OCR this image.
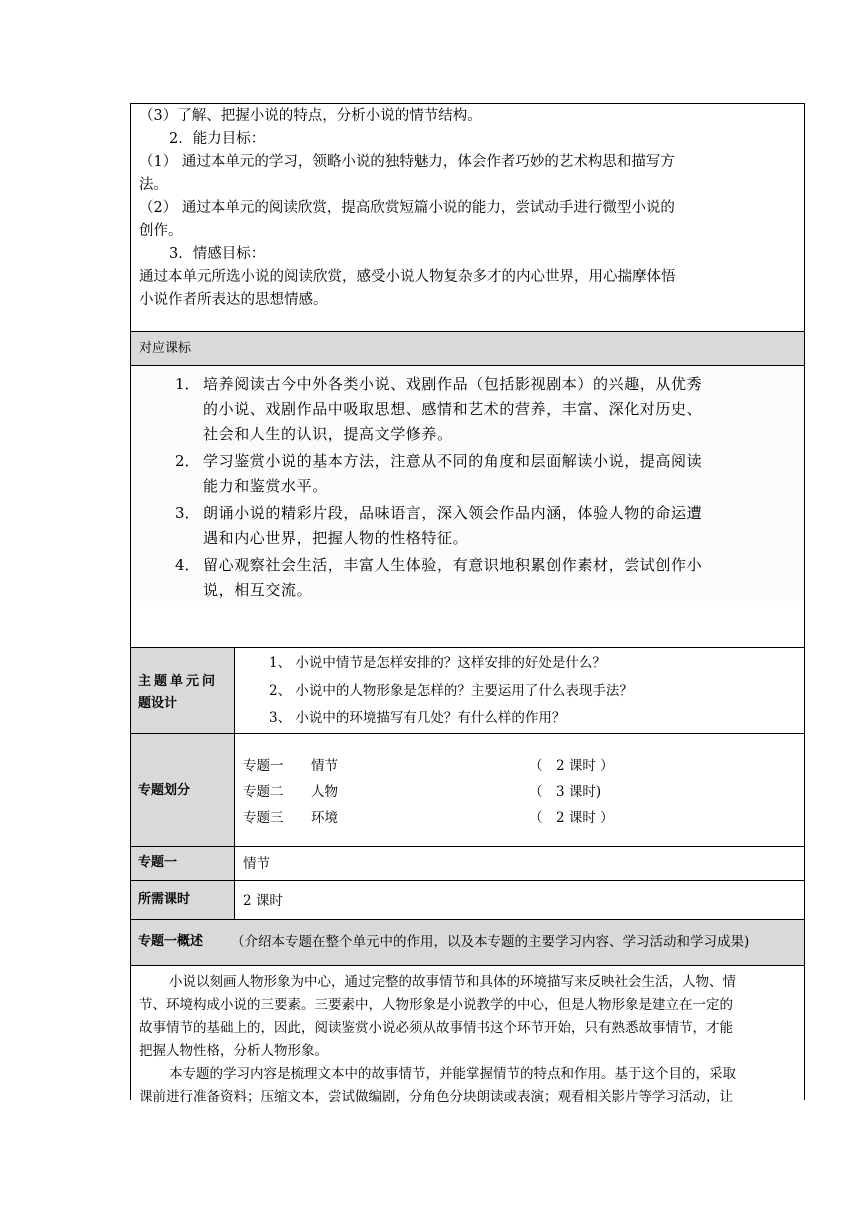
（3）了解、把握小说的特点，分析小说的情节结构。
2．能力目标：
（1） 通过本单元的学习，领略小说的独特魅力，体会作者巧妙的艺术构思和描写方
法。
（2） 通过本单元的阅读欣赏，提高欣赏短篇小说的能力，尝试动手进行微型小说的
创作。
3．情感目标：
通过本单元所选小说的阅读欣赏，感受小说人物复杂多才的内心世界，用心揣摩体悟
小说作者所表达的思想情感。
对应课标
1． 培养阅读古今中外各类小说、戏剧作品（包括影视剧本）的兴趣，从优秀
的小说、戏剧作品中吸取思想、感情和艺术的营养，丰富、深化对历史、
社会和人生的认识，提高文学修养。
2． 学习鉴赏小说的基本方法，注意从不同的角度和层面解读小说，提高阅读
能力和鉴赏水平。
3． 朗诵小说的精彩片段，品味语言，深入领会作品内涵，体验人物的命运遭
遇和内心世界，把握人物的性格特征。
4． 留心观察社会生活，丰富人生体验，有意识地积累创作素材，尝试创作小
说，相互交流。
主题单元问
题设计
1、 小说中情节是怎样安排的？这样安排的好处是什么？
2、 小说中的人物形象是怎样的？主要运用了什么表现手法？
3、 小说中的环境描写有几处？有什么样的作用？
专题划分
专题一 情节	（　2 课时 ）
专题二 人物	（　3 课时)
专题三 环境	（　2 课时 ）
专题一	情节
所需课时	2 课时
专题一概述 （介绍本专题在整个单元中的作用，以及本专题的主要学习内容、学习活动和学习成果)
小说以刻画人物形象为中心，通过完整的故事情节和具体的环境描写来反映社会生活，人物、情
节、环境构成小说的三要素。三要素中，人物形象是小说教学的中心，但是人物形象是建立在一定的
故事情节的基础上的，因此，阅读鉴赏小说必须从故事情书这个环节开始，只有熟悉故事情节，才能
把握人物性格，分析人物形象。
本专题的学习内容是梳理文本中的故事情节，并能掌握情节的特点和作用。基于这个目的，采取
课前进行准备资料；压缩文本，尝试做编剧，分角色分块朗读或表演；观看相关影片等学习活动，让
